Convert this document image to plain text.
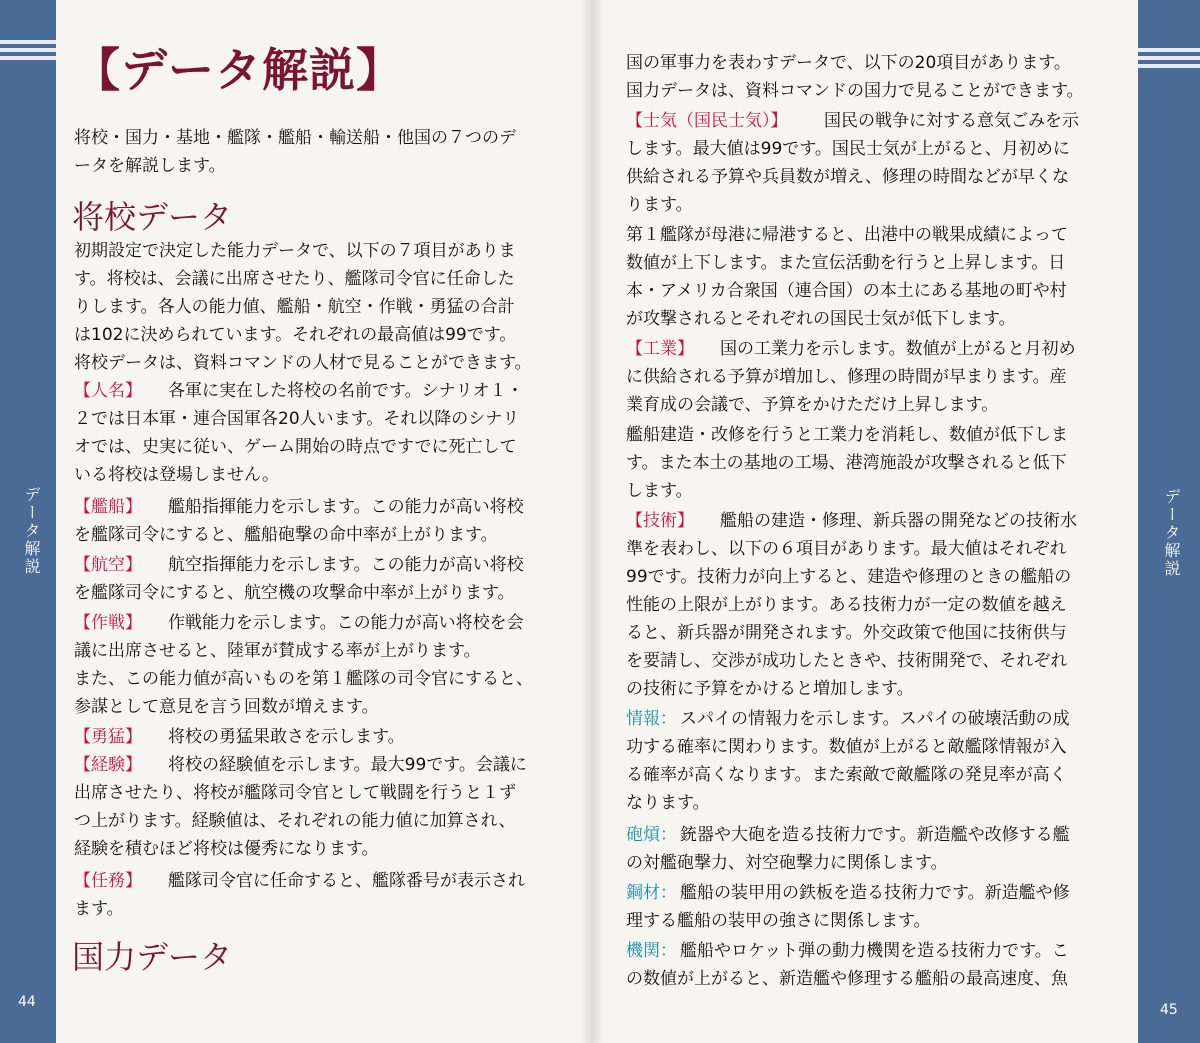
データ解説
44
データ解説
45
【データ解説】
将校・国力・基地・艦隊・艦船・輸送船・他国の７つのデ
ータを解説します。
将校データ
初期設定で決定した能力データで、以下の７項目がありま
す。将校は、会議に出席させたり、艦隊司令官に任命した
りします。各人の能力値、艦船・航空・作戦・勇猛の合計
は102に決められています。それぞれの最高値は99です。
将校データは、資料コマンドの人材で見ることができます。
【人名】 各軍に実在した将校の名前です。シナリオ１・
２では日本軍・連合国軍各20人います。それ以降のシナリ
オでは、史実に従い、ゲーム開始の時点ですでに死亡して
いる将校は登場しません。
【艦船】 艦船指揮能力を示します。この能力が高い将校
を艦隊司令にすると、艦船砲撃の命中率が上がります。
【航空】 航空指揮能力を示します。この能力が高い将校
を艦隊司令にすると、航空機の攻撃命中率が上がります。
【作戦】 作戦能力を示します。この能力が高い将校を会
議に出席させると、陸軍が賛成する率が上がります。
また、この能力値が高いものを第１艦隊の司令官にすると、
参謀として意見を言う回数が増えます。
【勇猛】 将校の勇猛果敢さを示します。
【経験】 将校の経験値を示します。最大99です。会議に
出席させたり、将校が艦隊司令官として戦闘を行うと１ず
つ上がります。経験値は、それぞれの能力値に加算され、
経験を積むほど将校は優秀になります。
【任務】 艦隊司令官に任命すると、艦隊番号が表示され
ます。
国力データ
国の軍事力を表わすデータで、以下の20項目があります。
国力データは、資料コマンドの国力で見ることができます。
【士気（国民士気）】 国民の戦争に対する意気ごみを示
します。最大値は99です。国民士気が上がると、月初めに
供給される予算や兵員数が増え、修理の時間などが早くな
ります。
第１艦隊が母港に帰港すると、出港中の戦果成績によって
数値が上下します。また宣伝活動を行うと上昇します。日
本・アメリカ合衆国（連合国）の本土にある基地の町や村
が攻撃されるとそれぞれの国民士気が低下します。
【工業】 国の工業力を示します。数値が上がると月初め
に供給される予算が増加し、修理の時間が早まります。産
業育成の会議で、予算をかけただけ上昇します。
艦船建造・改修を行うと工業力を消耗し、数値が低下しま
す。また本土の基地の工場、港湾施設が攻撃されると低下
します。
【技術】 艦船の建造・修理、新兵器の開発などの技術水
準を表わし、以下の６項目があります。最大値はそれぞれ
99です。技術力が向上すると、建造や修理のときの艦船の
性能の上限が上がります。ある技術力が一定の数値を越え
ると、新兵器が開発されます。外交政策で他国に技術供与
を要請し、交渉が成功したときや、技術開発で、それぞれ
の技術に予算をかけると増加します。
情報： スパイの情報力を示します。スパイの破壊活動の成
功する確率に関わります。数値が上がると敵艦隊情報が入
る確率が高くなります。また索敵で敵艦隊の発見率が高く
なります。
砲熕： 銃器や大砲を造る技術力です。新造艦や改修する艦
の対艦砲撃力、対空砲撃力に関係します。
鋼材： 艦船の装甲用の鉄板を造る技術力です。新造艦や修
理する艦船の装甲の強さに関係します。
機関： 艦船やロケット弾の動力機関を造る技術力です。こ
の数値が上がると、新造艦や修理する艦船の最高速度、魚
